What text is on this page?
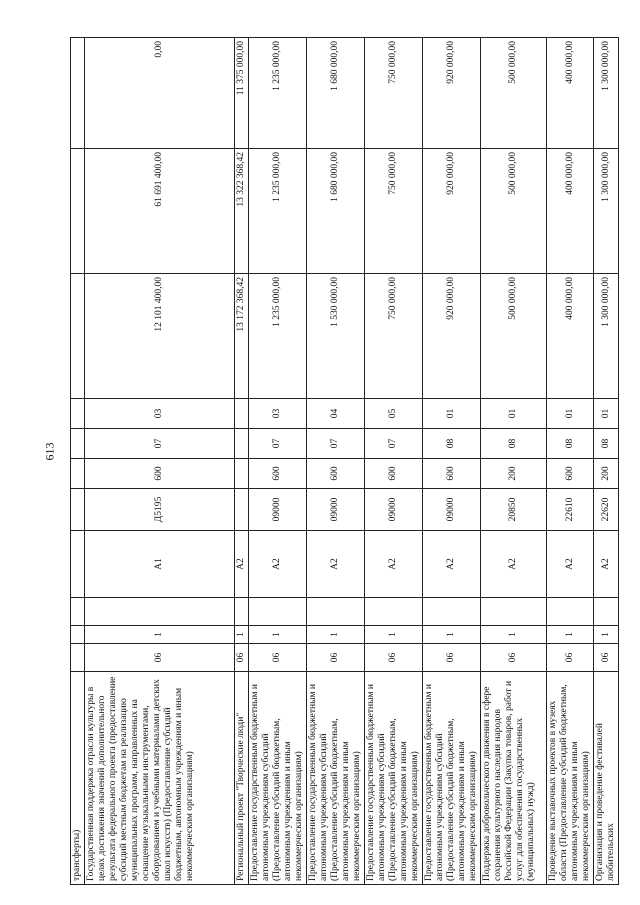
613
трансферты)											
Государственная поддержка отрасли культуры в целях достижения значений дополнительного результата федерального проекта (предоставление субсидий местным бюджетам на реализацию муниципальных программ, направленных на оснащение музыкальными инструментами, оборудованием и учебными материалами детских школ искусств) (Предоставление субсидий бюджетным, автономным учреждениям и иным некоммерческим организациям)	06	1		А1	Д5195	600	07	03	12 101 400,00	61 691 400,00	0,00
Региональный проект "Творческие люди"	06	1		А2					13 172 368,42	13 322 368,42	11 375 000,00
Предоставление государственным бюджетным и автономным учреждениям субсидий (Предоставление субсидий бюджетным, автономным учреждениям и иным некоммерческим организациям)	06	1		А2	09000	600	07	03	1 235 000,00	1 235 000,00	1 235 000,00
Предоставление государственным бюджетным и автономным учреждениям субсидий (Предоставление субсидий бюджетным, автономным учреждениям и иным некоммерческим организациям)	06	1		А2	09000	600	07	04	1 530 000,00	1 680 000,00	1 680 000,00
Предоставление государственным бюджетным и автономным учреждениям субсидий (Предоставление субсидий бюджетным, автономным учреждениям и иным некоммерческим организациям)	06	1		А2	09000	600	07	05	750 000,00	750 000,00	750 000,00
Предоставление государственным бюджетным и автономным учреждениям субсидий (Предоставление субсидий бюджетным, автономным учреждениям и иным некоммерческим организациям)	06	1		А2	09000	600	08	01	920 000,00	920 000,00	920 000,00
Поддержка добровольческого движения в сфере сохранения культурного наследия народов Российской Федерации (Закупка товаров, работ и услуг для обеспечения государственных (муниципальных) нужд)	06	1		А2	20850	200	08	01	500 000,00	500 000,00	500 000,00
Проведение выставочных проектов в музеях области (Предоставление субсидий бюджетным, автономным учреждениям и иным некоммерческим организациям)	06	1		А2	22610	600	08	01	400 000,00	400 000,00	400 000,00
Организация и проведение фестивалей любительских	06	1		А2	22620	200	08	01	1 300 000,00	1 300 000,00	1 300 000,00
